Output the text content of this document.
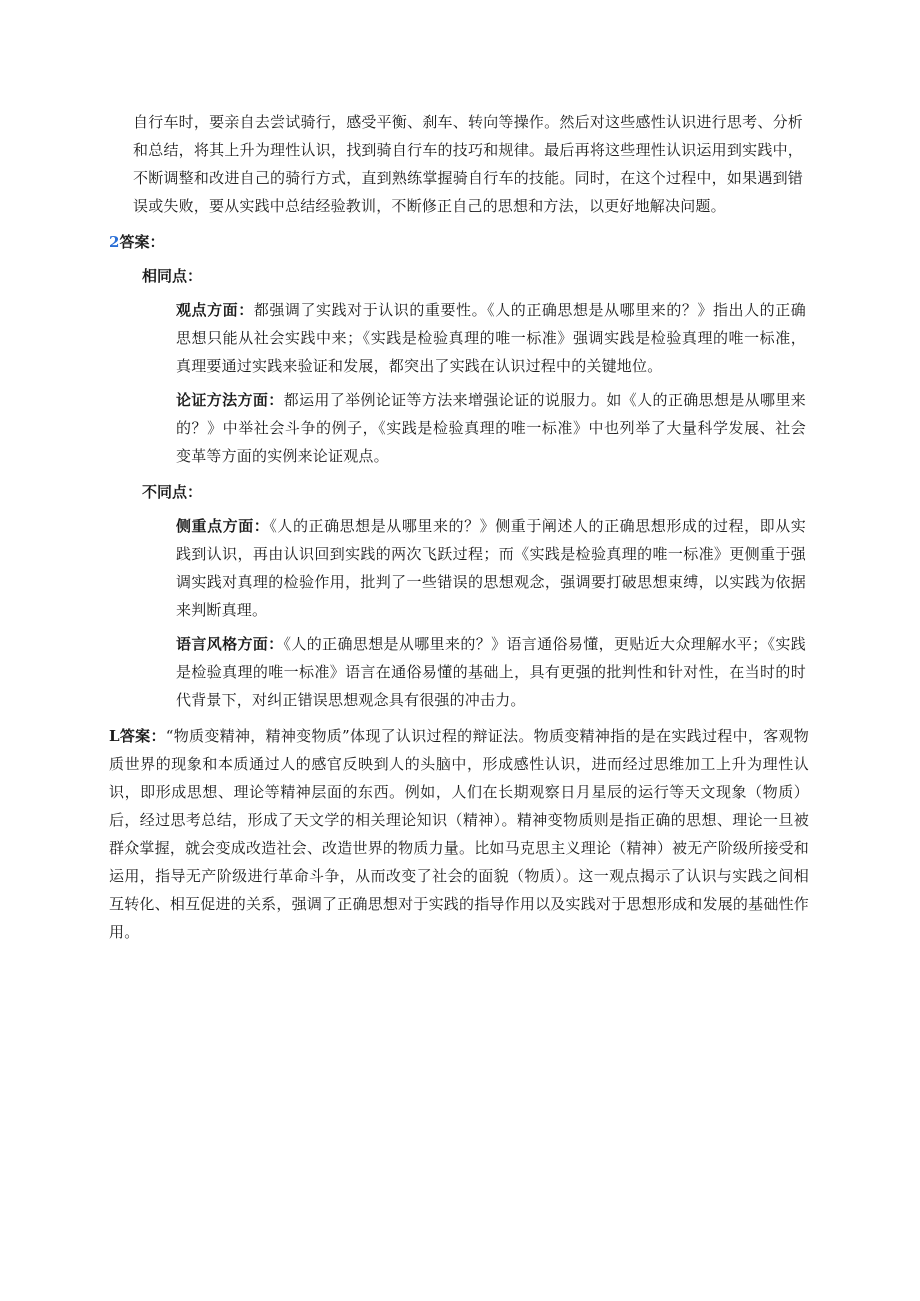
自行车时，要亲自去尝试骑行，感受平衡、刹车、转向等操作。然后对这些感性认识进行思考、分析和总结，将其上升为理性认识，找到骑自行车的技巧和规律。最后再将这些理性认识运用到实践中，不断调整和改进自己的骑行方式，直到熟练掌握骑自行车的技能。同时，在这个过程中，如果遇到错误或失败，要从实践中总结经验教训，不断修正自己的思想和方法，以更好地解决问题。

2答案：

相同点：

观点方面：都强调了实践对于认识的重要性。《人的正确思想是从哪里来的？》指出人的正确思想只能从社会实践中来；《实践是检验真理的唯一标准》强调实践是检验真理的唯一标准，真理要通过实践来验证和发展，都突出了实践在认识过程中的关键地位。

论证方法方面：都运用了举例论证等方法来增强论证的说服力。如《人的正确思想是从哪里来的？》中举社会斗争的例子，《实践是检验真理的唯一标准》中也列举了大量科学发展、社会变革等方面的实例来论证观点。

不同点：

侧重点方面：《人的正确思想是从哪里来的？》侧重于阐述人的正确思想形成的过程，即从实践到认识，再由认识回到实践的两次飞跃过程；而《实践是检验真理的唯一标准》更侧重于强调实践对真理的检验作用，批判了一些错误的思想观念，强调要打破思想束缚，以实践为依据来判断真理。

语言风格方面：《人的正确思想是从哪里来的？》语言通俗易懂，更贴近大众理解水平；《实践是检验真理的唯一标准》语言在通俗易懂的基础上，具有更强的批判性和针对性，在当时的时代背景下，对纠正错误思想观念具有很强的冲击力。

L答案：“物质变精神，精神变物质”体现了认识过程的辩证法。物质变精神指的是在实践过程中，客观物质世界的现象和本质通过人的感官反映到人的头脑中，形成感性认识，进而经过思维加工上升为理性认识，即形成思想、理论等精神层面的东西。例如，人们在长期观察日月星辰的运行等天文现象（物质）后，经过思考总结，形成了天文学的相关理论知识（精神）。精神变物质则是指正确的思想、理论一旦被群众掌握，就会变成改造社会、改造世界的物质力量。比如马克思主义理论（精神）被无产阶级所接受和运用，指导无产阶级进行革命斗争，从而改变了社会的面貌（物质）。这一观点揭示了认识与实践之间相互转化、相互促进的关系，强调了正确思想对于实践的指导作用以及实践对于思想形成和发展的基础性作用。
